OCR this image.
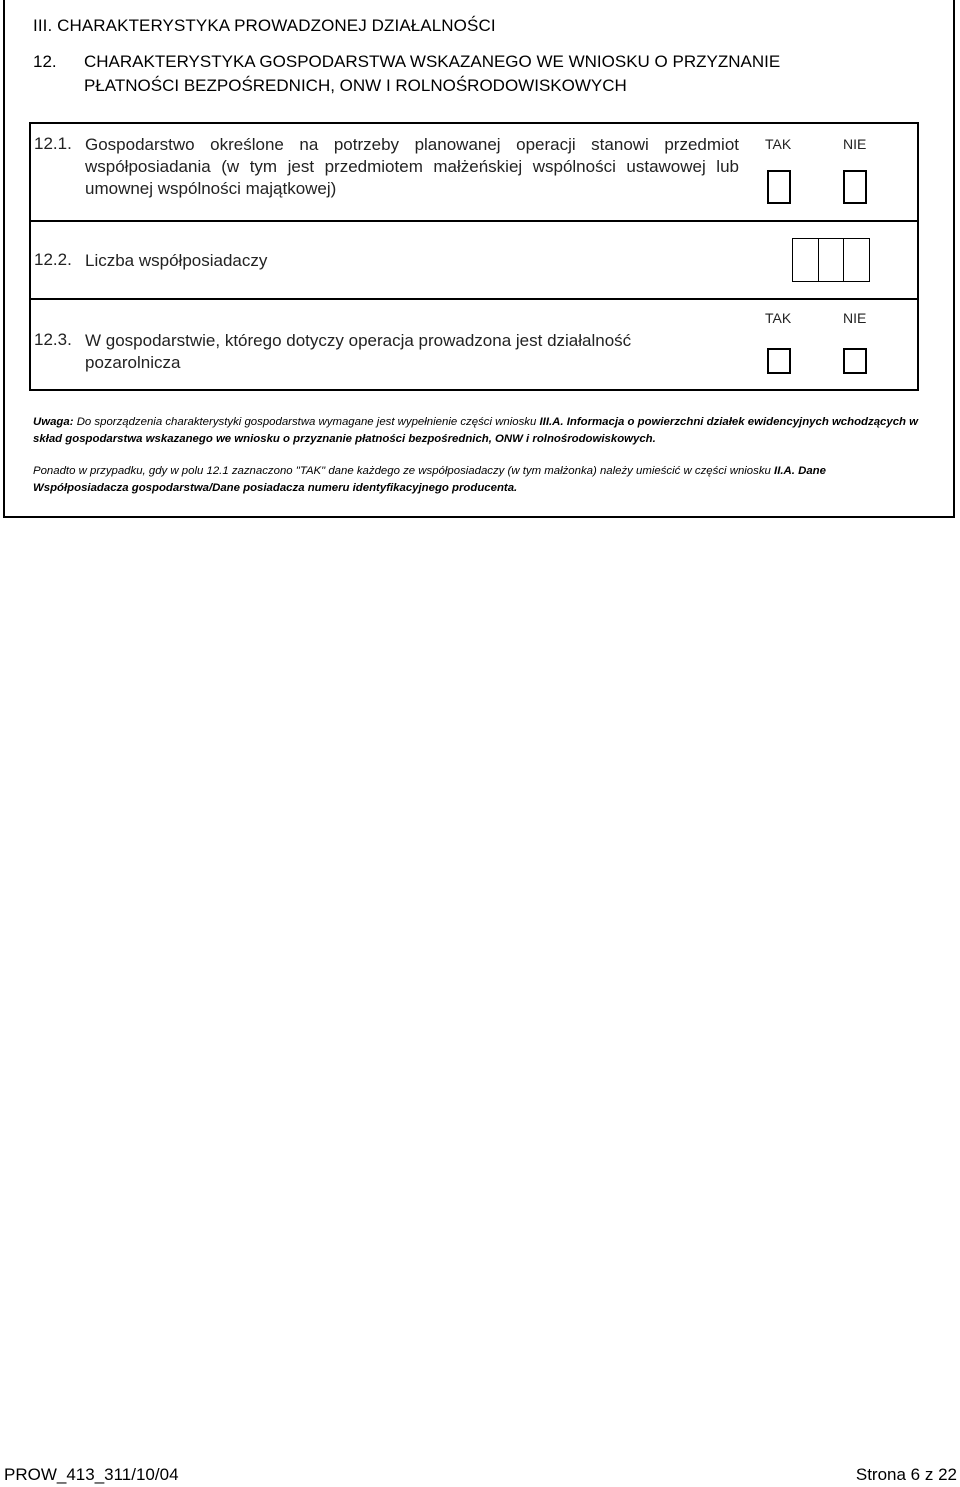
III. CHARAKTERYSTYKA PROWADZONEJ DZIAŁALNOŚCI
12. CHARAKTERYSTYKA GOSPODARSTWA WSKAZANEGO WE WNIOSKU O PRZYZNANIE
PŁATNOŚCI BEZPOŚREDNICH, ONW I ROLNOŚRODOWISKOWYCH
12.1. Gospodarstwo określone na potrzeby planowanej operacji stanowi przedmiot współposiadania (w tym jest przedmiotem małżeńskiej wspólności ustawowej lub umownej wspólności majątkowej)
TAK	NIE
12.2. Liczba współposiadaczy
12.3. W gospodarstwie, którego dotyczy operacja prowadzona jest działalność
pozarolnicza
TAK	NIE
Uwaga: Do sporządzenia charakterystyki gospodarstwa wymagane jest wypełnienie części wniosku III.A. Informacja o powierzchni działek ewidencyjnych wchodzących w skład gospodarstwa wskazanego we wniosku o przyznanie płatności bezpośrednich, ONW i rolnośrodowiskowych.
Ponadto w przypadku, gdy w polu 12.1 zaznaczono "TAK" dane każdego ze współposiadaczy (w tym małżonka) należy umieścić w części wniosku II.A. Dane Współposiadacza gospodarstwa/Dane posiadacza numeru identyfikacyjnego producenta.
PROW_413_311/10/04	Strona 6 z 22
